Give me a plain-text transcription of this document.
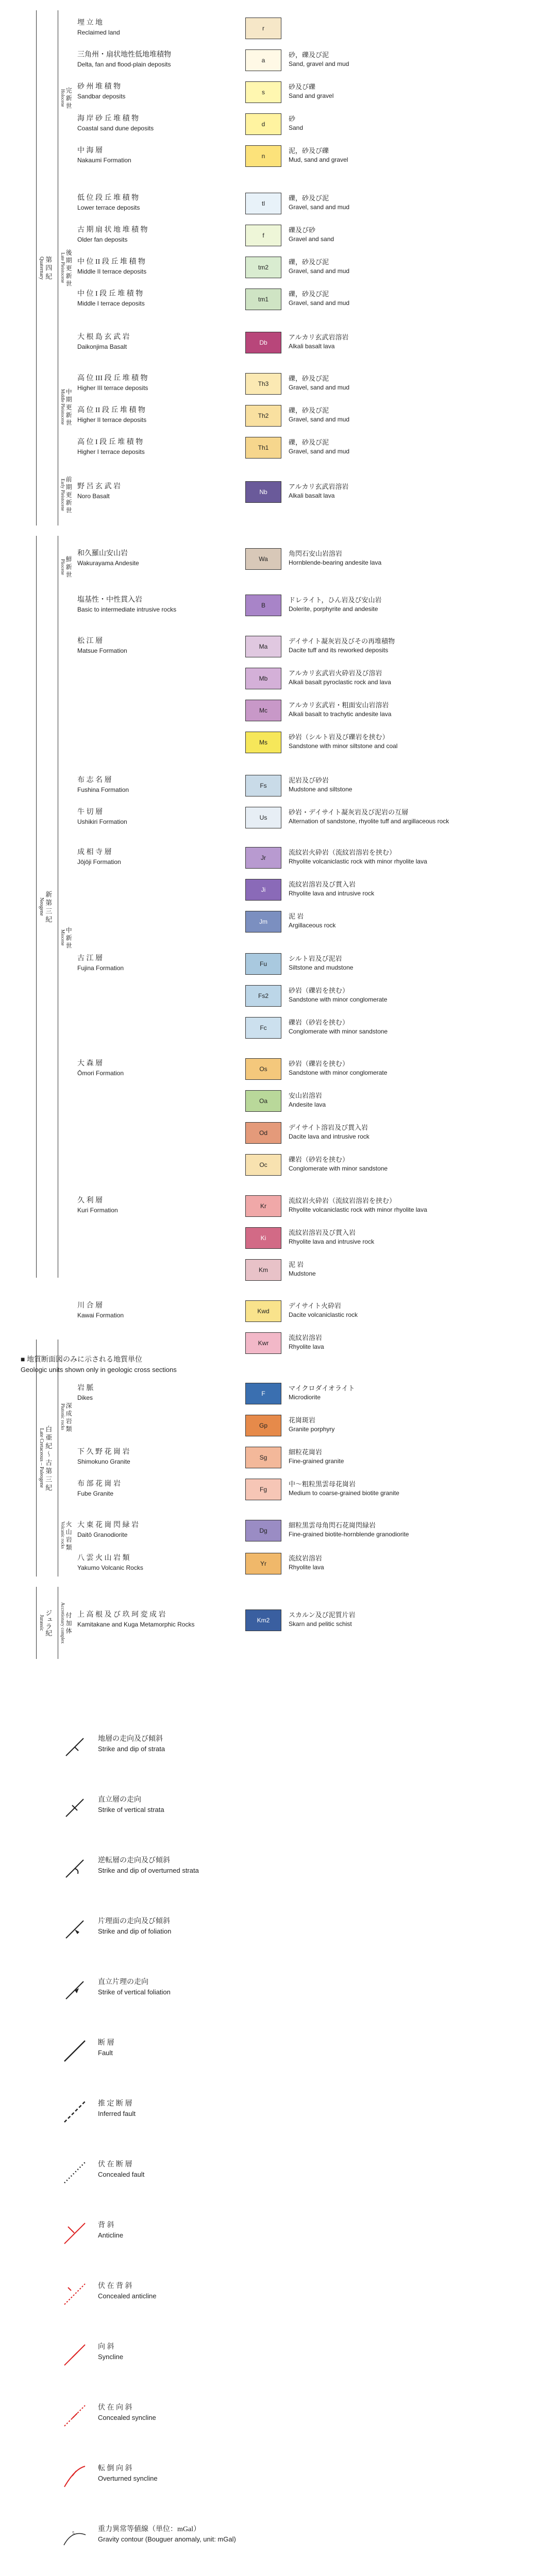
第 四 紀
Quaternary
新 第 三 紀
Neogene
白 亜 紀 ～ 古 第 三 紀
Late Cretaceous – Paleogene
ジュラ紀
Jurassic
完 新 世
Holocene
後 期 更 新 世
Late Pleistocene
中 期 更 新 世
Middle Pleistocene
前 期 更 新 世
Early Pleistocene
鮮 新 世
Pliocene
中 新 世
Miocene
深 成 岩 類
Plutonic rocks
火 山 岩 類
Volcanic rocks
付 加 体
Accretionary complex
埋 立 地
Reclaimed land
r
三角州・扇状地性低地堆積物
Delta, fan and flood-plain deposits
a
砂，礫及び泥
Sand, gravel and mud
砂 州 堆 積 物
Sandbar deposits
s
砂及び礫
Sand and gravel
海 岸 砂 丘 堆 積 物
Coastal sand dune deposits
d
砂
Sand
中 海 層
Nakaumi Formation
n
泥，砂及び礫
Mud, sand and gravel
低 位 段 丘 堆 積 物
Lower terrace deposits
tl
礫，砂及び泥
Gravel, sand and mud
古 期 扇 状 地 堆 積 物
Older fan deposits
f
礫及び砂
Gravel and sand
中 位 II 段 丘 堆 積 物
Middle II terrace deposits
tm2
礫，砂及び泥
Gravel, sand and mud
中 位 I 段 丘 堆 積 物
Middle I terrace deposits
tm1
礫，砂及び泥
Gravel, sand and mud
大 根 島 玄 武 岩
Daikonjima Basalt
Db
アルカリ玄武岩溶岩
Alkali basalt lava
高 位 III 段 丘 堆 積 物
Higher III terrace deposits
Th3
礫，砂及び泥
Gravel, sand and mud
高 位 II 段 丘 堆 積 物
Higher II terrace deposits
Th2
礫，砂及び泥
Gravel, sand and mud
高 位 I 段 丘 堆 積 物
Higher I terrace deposits
Th1
礫，砂及び泥
Gravel, sand and mud
野 呂 玄 武 岩
Noro Basalt
Nb
アルカリ玄武岩溶岩
Alkali basalt lava
和久羅山安山岩
Wakurayama Andesite
Wa
角閃石安山岩溶岩
Hornblende-bearing andesite lava
塩基性・中性貫入岩
Basic to intermediate intrusive rocks
B
ドレライト，ひん岩及び安山岩
Dolerite, porphyrite and andesite
松 江 層
Matsue Formation
Ma
デイサイト凝灰岩及びその再堆積物
Dacite tuff and its reworked deposits
Mb
アルカリ玄武岩火砕岩及び溶岩
Alkali basalt pyroclastic rock and lava
Mc
アルカリ玄武岩・粗面安山岩溶岩
Alkali basalt to trachytic andesite lava
Ms
砂岩（シルト岩及び礫岩を挟む）
Sandstone with minor siltstone and coal
布 志 名 層
Fushina Formation
Fs
泥岩及び砂岩
Mudstone and siltstone
牛 切 層
Ushikiri Formation
Us
砂岩・デイサイト凝灰岩及び泥岩の互層
Alternation of sandstone, rhyolite tuff and argillaceous rock
成 相 寺 層
Jōjōji Formation
Jr
流紋岩火砕岩（流紋岩溶岩を挟む）
Rhyolite volcaniclastic rock with minor rhyolite lava
Ji
流紋岩溶岩及び貫入岩
Rhyolite lava and intrusive rock
Jm
泥 岩
Argillaceous rock
古 江 層
Fujina Formation
Fu
シルト岩及び泥岩
Siltstone and mudstone
Fs2
砂岩（礫岩を挟む）
Sandstone with minor conglomerate
Fc
礫岩（砂岩を挟む）
Conglomerate with minor sandstone
大 森 層
Ōmori Formation
Os
砂岩（礫岩を挟む）
Sandstone with minor conglomerate
Oa
安山岩溶岩
Andesite lava
Od
デイサイト溶岩及び貫入岩
Dacite lava and intrusive rock
Oc
礫岩（砂岩を挟む）
Conglomerate with minor sandstone
久 利 層
Kuri Formation
Kr
流紋岩火砕岩（流紋岩溶岩を挟む）
Rhyolite volcaniclastic rock with minor rhyolite lava
Ki
流紋岩溶岩及び貫入岩
Rhyolite lava and intrusive rock
Km
泥 岩
Mudstone
川 合 層
Kawai Formation
Kwd
デイサイト火砕岩
Dacite volcaniclastic rock
Kwr
流紋岩溶岩
Rhyolite lava
■ 地質断面図のみに示される地質単位
Geologic units shown only in geologic cross sections
岩 脈
Dikes
F
マイクロダイオライト
Microdiorite
Gp
花崗斑岩
Granite porphyry
下 久 野 花 崗 岩
Shimokuno Granite
Sg
細粒花崗岩
Fine-grained granite
布 部 花 崗 岩
Fube Granite
Fg
中～粗粒黒雲母花崗岩
Medium to coarse-grained biotite granite
大 東 花 崗 閃 緑 岩
Daitō Granodiorite
Dg
細粒黒雲母角閃石花崗閃緑岩
Fine-grained biotite-hornblende granodiorite
八 雲 火 山 岩 類
Yakumo Volcanic Rocks
Yr
流紋岩溶岩
Rhyolite lava
上 高 根 及 び 玖 珂 変 成 岩
Kamitakane and Kuga Metamorphic Rocks
Km2
スカルン及び泥質片岩
Skarn and pelitic schist
地層の走向及び傾斜
Strike and dip of strata
直立層の走向
Strike of vertical strata
逆転層の走向及び傾斜
Strike and dip of overturned strata
片理面の走向及び傾斜
Strike and dip of foliation
直立片理の走向
Strike of vertical foliation
断 層
Fault
推 定 断 層
Inferred fault
伏 在 断 層
Concealed fault
背 斜
Anticline
伏 在 背 斜
Concealed anticline
向 斜
Syncline
伏 在 向 斜
Concealed syncline
転 倒 向 斜
Overturned syncline
5	重力異常等値線（単位：mGal）
Gravity contour (Bouguer anomaly, unit: mGal)
